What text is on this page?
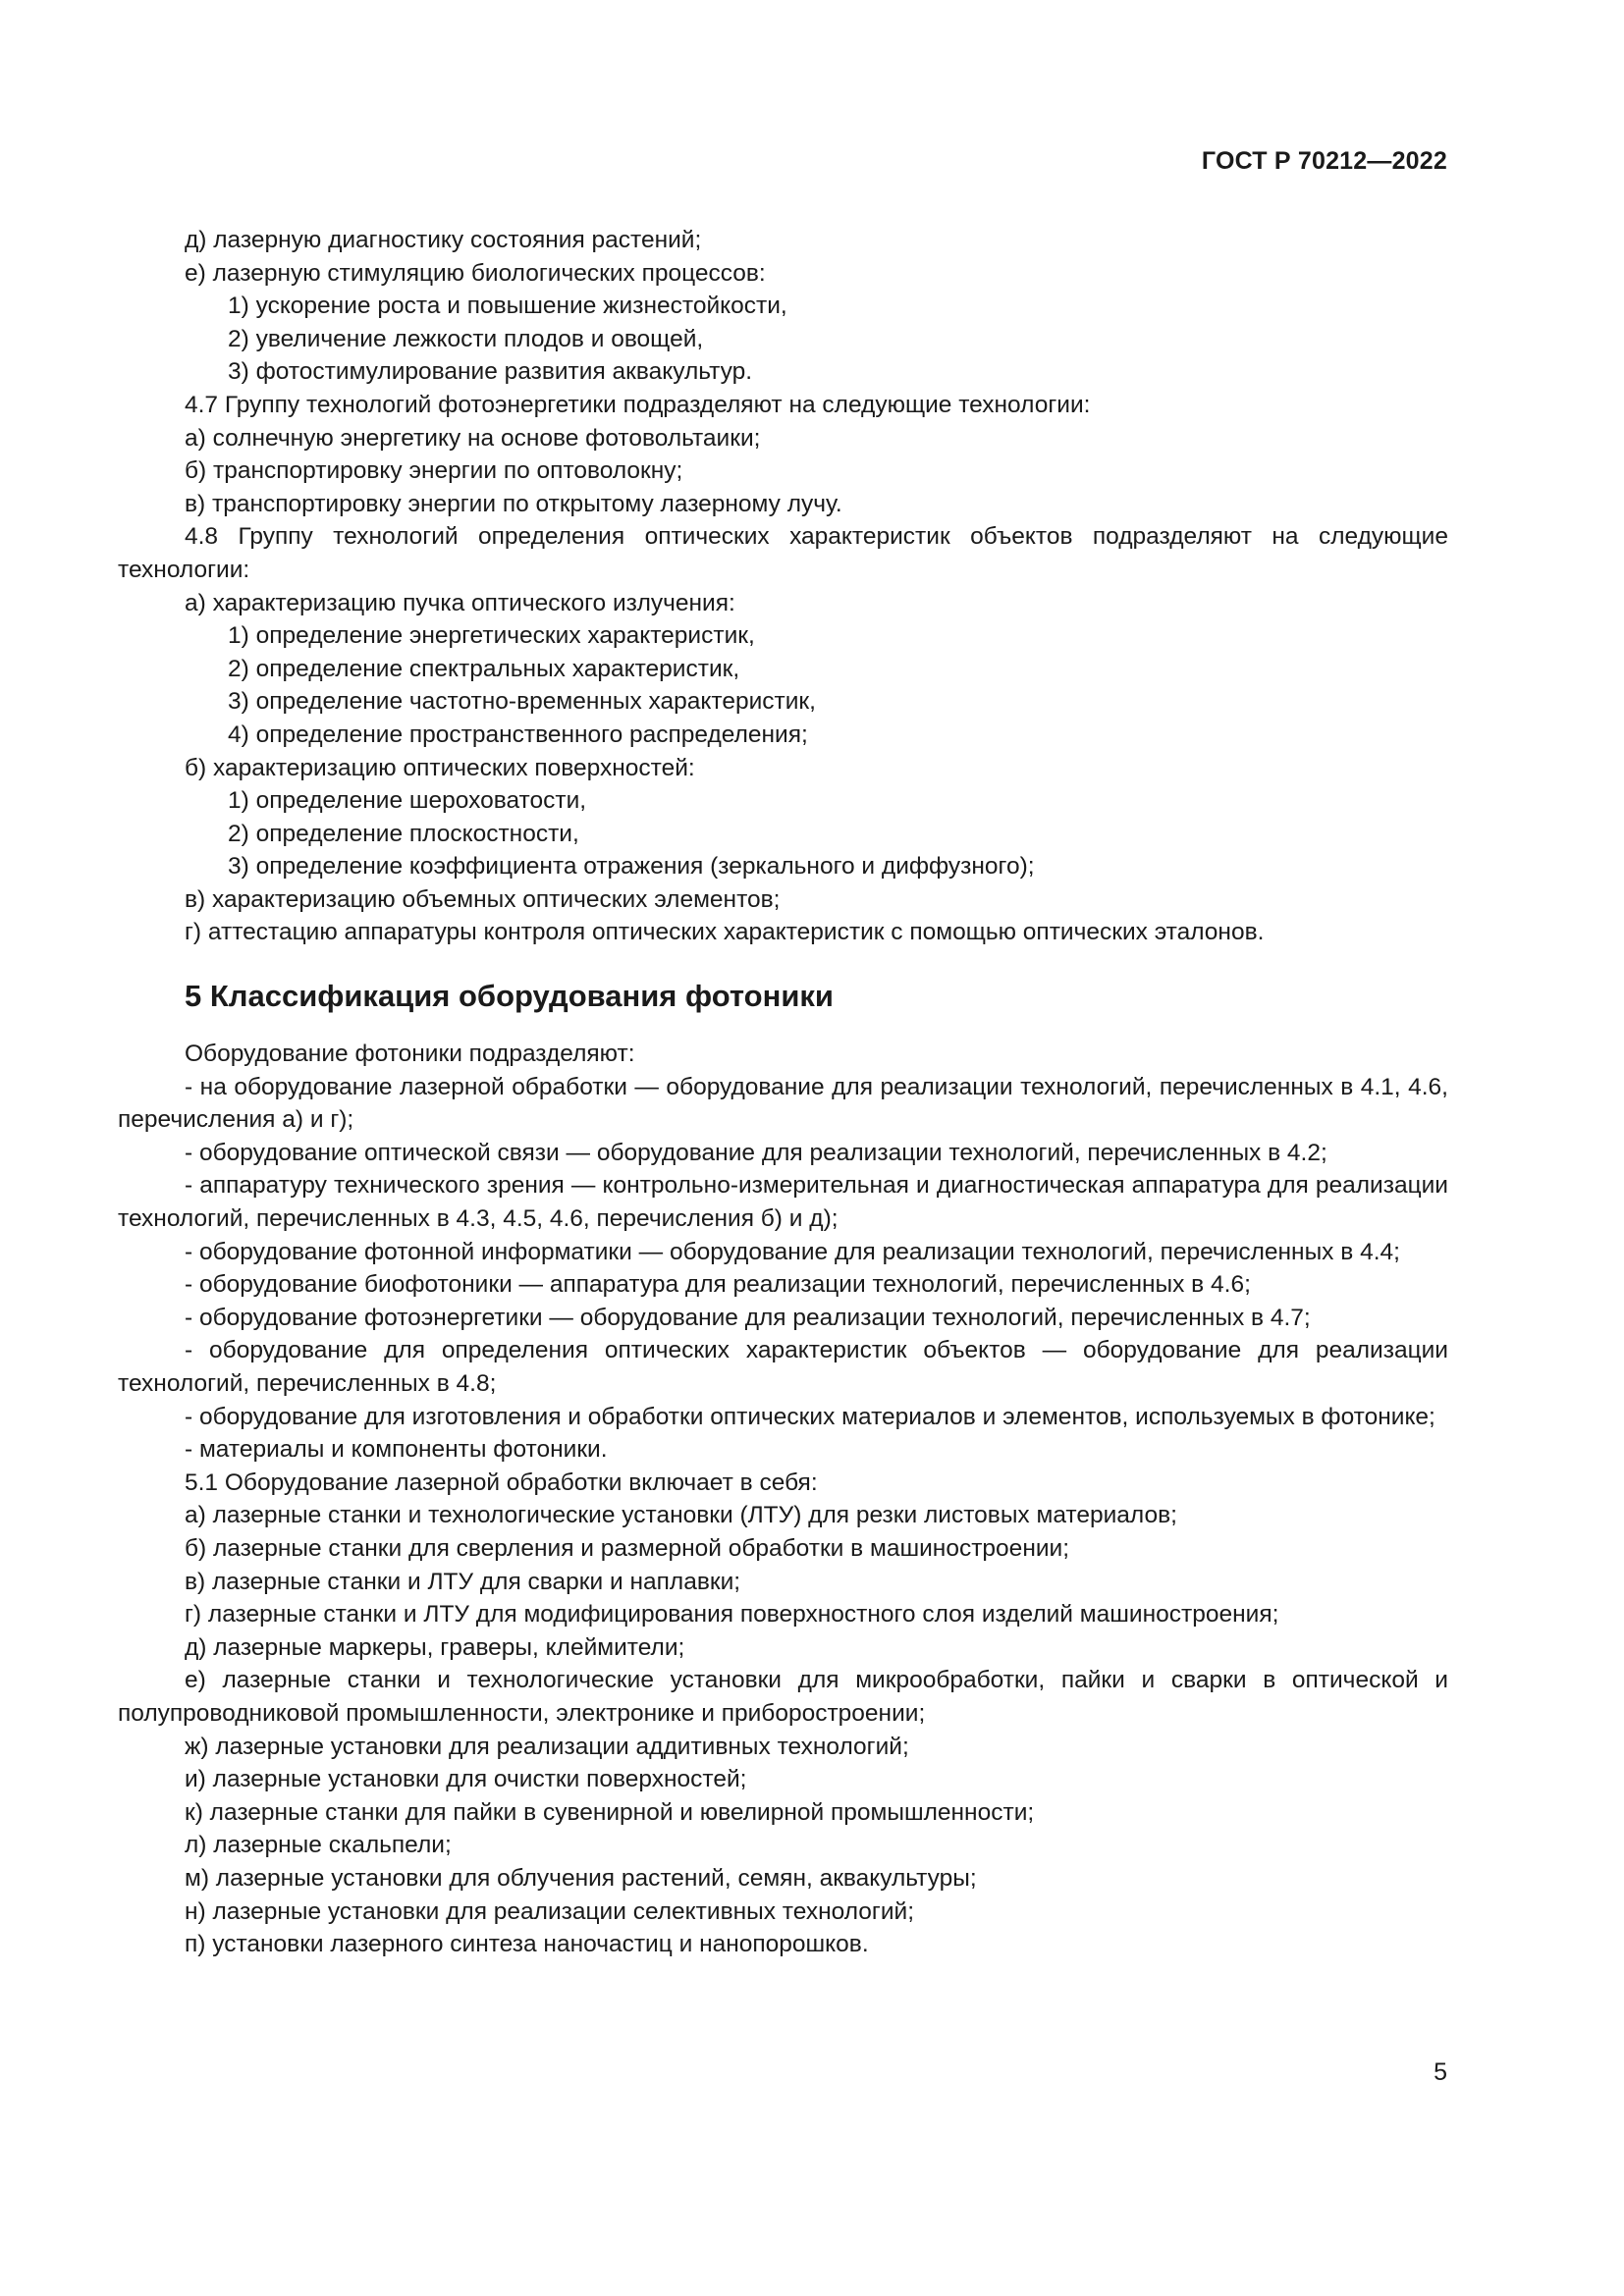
ГОСТ Р 70212—2022

д) лазерную диагностику состояния растений;

е) лазерную стимуляцию биологических процессов:

1) ускорение роста и повышение жизнестойкости,

2) увеличение лежкости плодов и овощей,

3) фотостимулирование развития аквакультур.

4.7 Группу технологий фотоэнергетики подразделяют на следующие технологии:

а) солнечную энергетику на основе фотовольтаики;

б) транспортировку энергии по оптоволокну;

в) транспортировку энергии по открытому лазерному лучу.

4.8 Группу технологий определения оптических характеристик объектов подразделяют на следующие технологии:

а) характеризацию пучка оптического излучения:

1) определение энергетических характеристик,

2) определение спектральных характеристик,

3) определение частотно-временных характеристик,

4) определение пространственного распределения;

б) характеризацию оптических поверхностей:

1) определение шероховатости,

2) определение плоскостности,

3) определение коэффициента отражения (зеркального и диффузного);

в) характеризацию объемных оптических элементов;

г) аттестацию аппаратуры контроля оптических характеристик с помощью оптических эталонов.

5 Классификация оборудования фотоники

Оборудование фотоники подразделяют:

- на оборудование лазерной обработки — оборудование для реализации технологий, перечисленных в 4.1, 4.6, перечисления а) и г);

- оборудование оптической связи — оборудование для реализации технологий, перечисленных в 4.2;

- аппаратуру технического зрения — контрольно-измерительная и диагностическая аппаратура для реализации технологий, перечисленных в 4.3, 4.5, 4.6, перечисления б) и д);

- оборудование фотонной информатики — оборудование для реализации технологий, перечисленных в 4.4;

- оборудование биофотоники — аппаратура для реализации технологий, перечисленных в 4.6;

- оборудование фотоэнергетики — оборудование для реализации технологий, перечисленных в 4.7;

- оборудование для определения оптических характеристик объектов — оборудование для реализации технологий, перечисленных в 4.8;

- оборудование для изготовления и обработки оптических материалов и элементов, используемых в фотонике;

- материалы и компоненты фотоники.

5.1 Оборудование лазерной обработки включает в себя:

а) лазерные станки и технологические установки (ЛТУ) для резки листовых материалов;

б) лазерные станки для сверления и размерной обработки в машиностроении;

в) лазерные станки и ЛТУ для сварки и наплавки;

г) лазерные станки и ЛТУ для модифицирования поверхностного слоя изделий машиностроения;

д) лазерные маркеры, граверы, клеймители;

е) лазерные станки и технологические установки для микрообработки, пайки и сварки в оптической и полупроводниковой промышленности, электронике и приборостроении;

ж) лазерные установки для реализации аддитивных технологий;

и) лазерные установки для очистки поверхностей;

к) лазерные станки для пайки в сувенирной и ювелирной промышленности;

л) лазерные скальпели;

м) лазерные установки для облучения растений, семян, аквакультуры;

н) лазерные установки для реализации селективных технологий;

п) установки лазерного синтеза наночастиц и нанопорошков.

5
